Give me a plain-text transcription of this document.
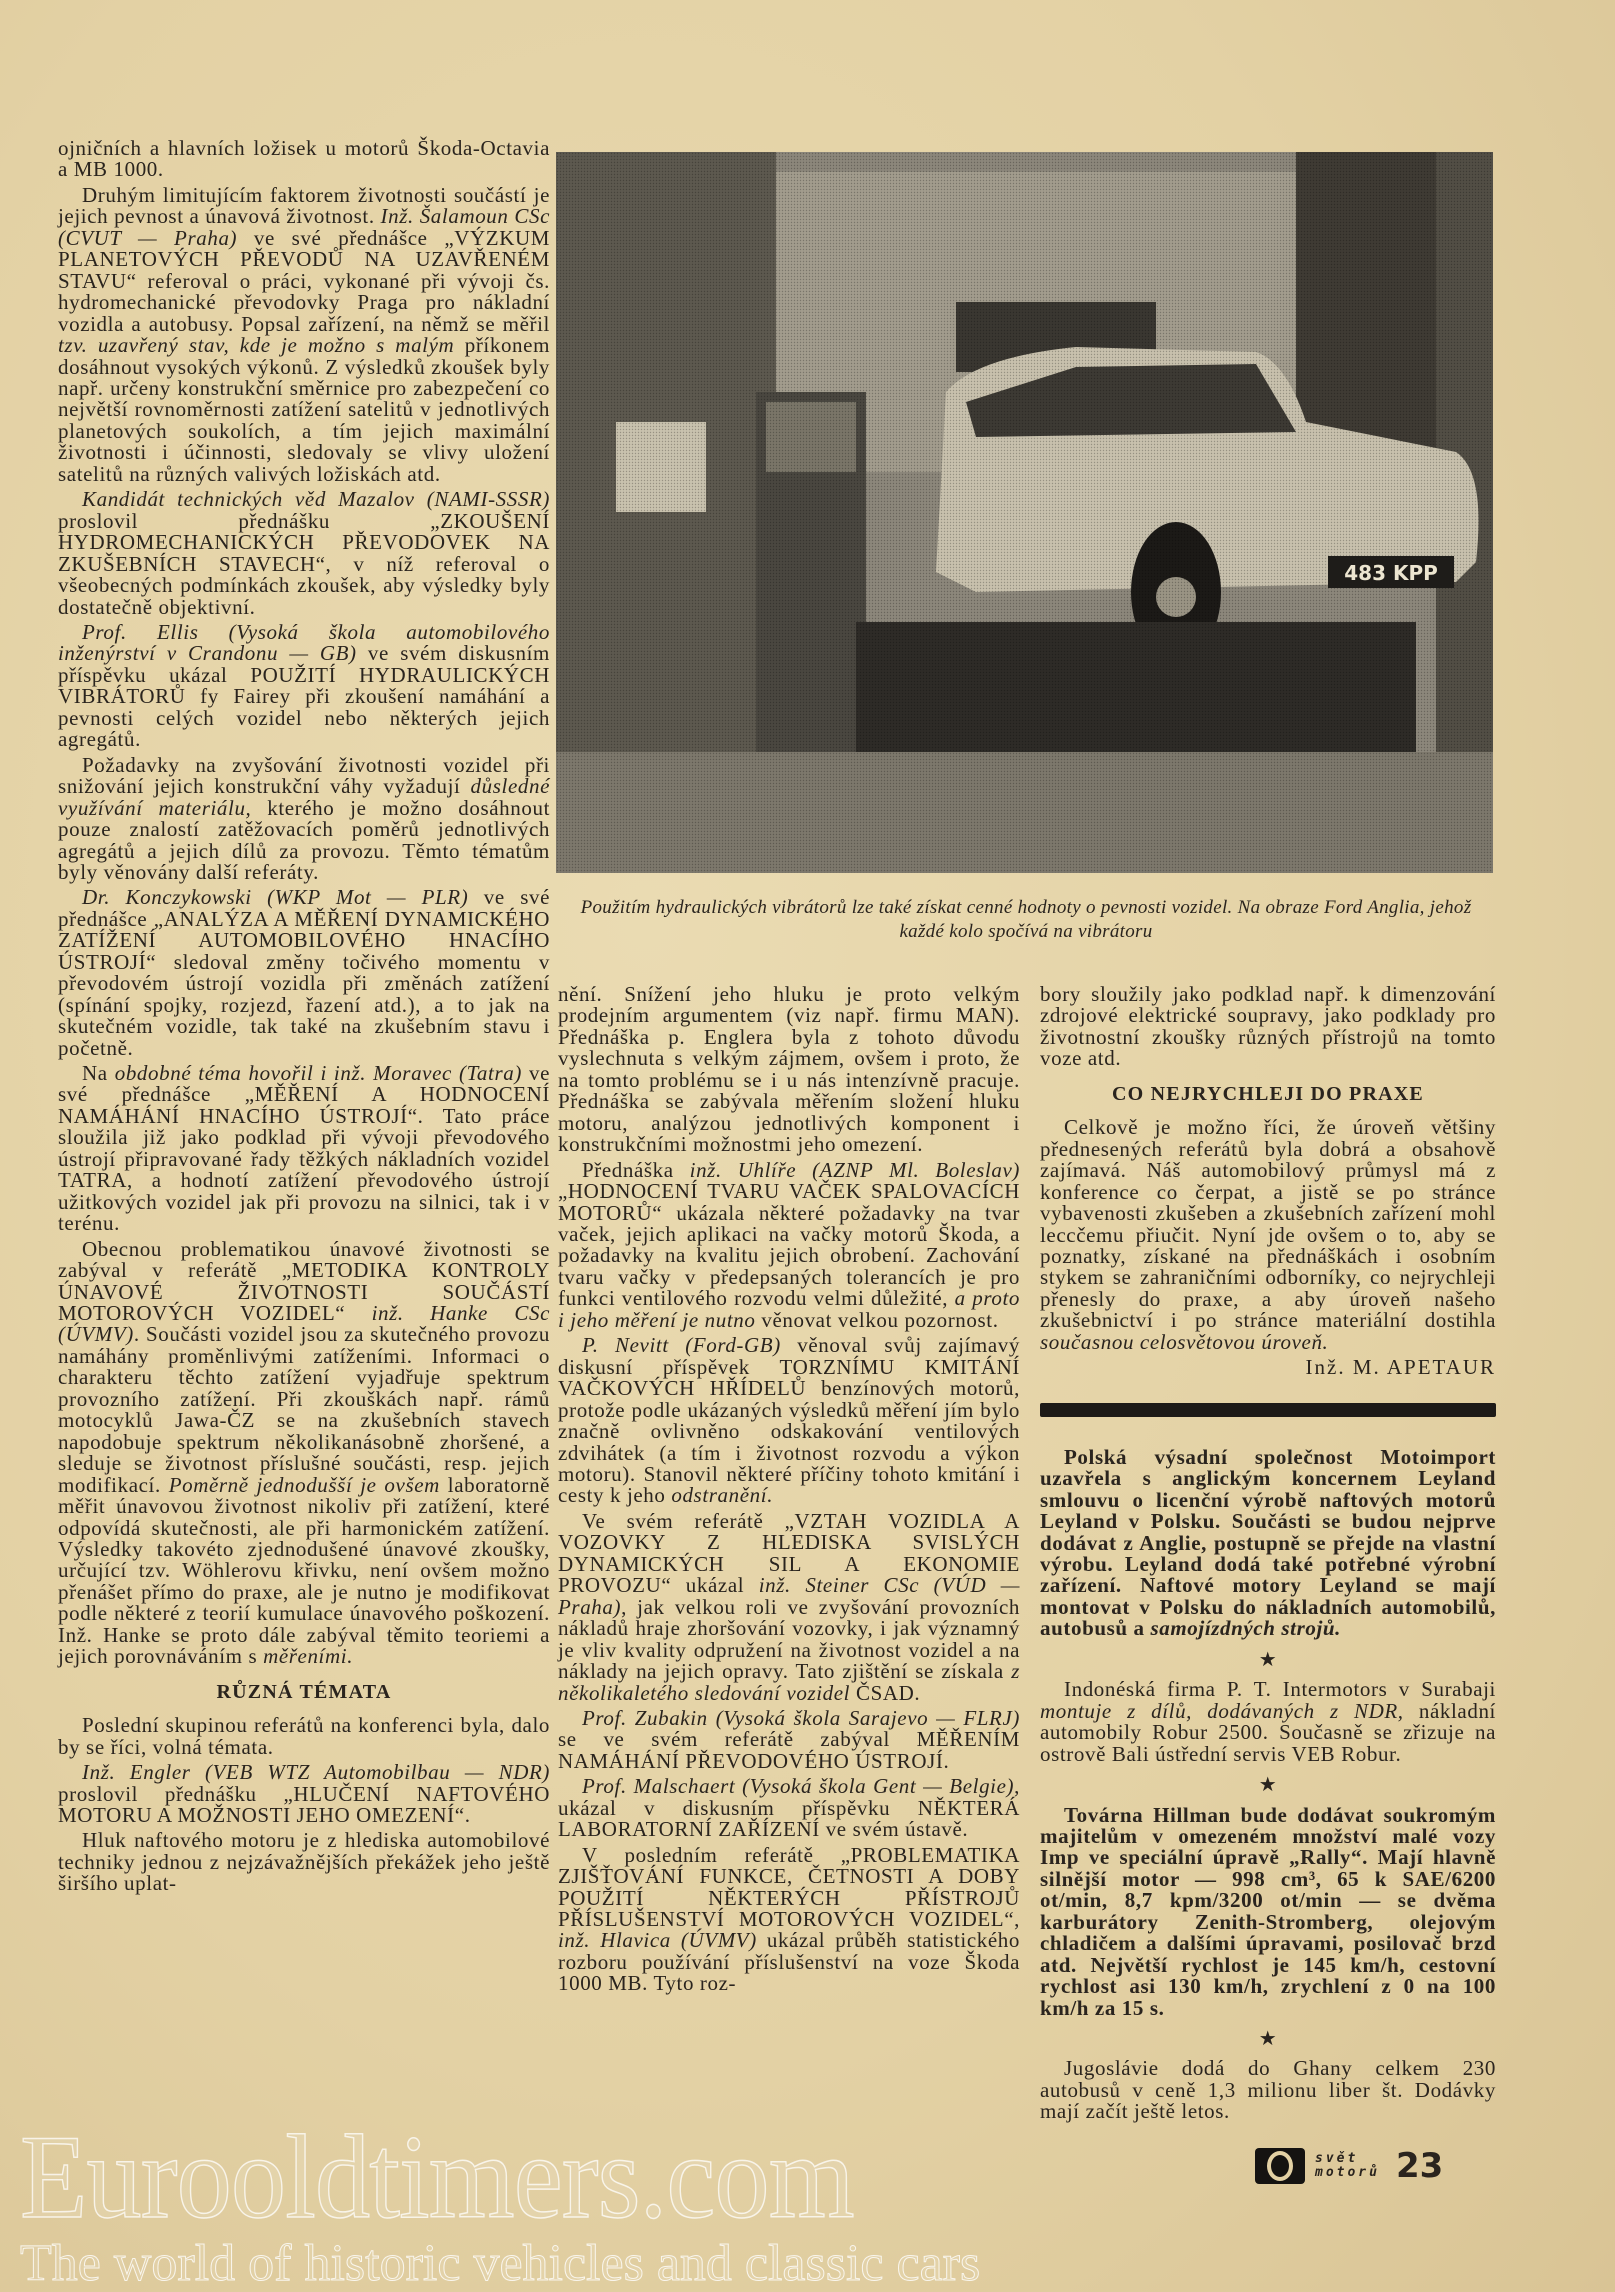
483 KPP
Použitím hydraulických vibrátorů lze také získat cenné hodnoty o pevnosti vozidel. Na obraze Ford Anglia, jehož každé kolo spočívá na vibrátoru

ojničních a hlavních ložisek u motorů Škoda-Octavia a MB 1000.

Druhým limitujícím faktorem životnosti součástí je jejich pevnost a únavová životnost. Inž. Šalamoun CSc (CVUT — Praha) ve své přednášce „VÝZKUM PLANETOVÝCH PŘEVODŮ NA UZAVŘENÉM STAVU“ referoval o práci, vykonané při vývoji čs. hydromechanické převodovky Praga pro nákladní vozidla a autobusy. Popsal zařízení, na němž se měřil tzv. uzavřený stav, kde je možno s malým příkonem dosáhnout vysokých výkonů. Z výsledků zkoušek byly např. určeny konstrukční směrnice pro zabezpečení co největší rovnoměrnosti zatížení satelitů v jednotlivých planetových soukolích, a tím jejich maximální životnosti i účinnosti, sledovaly se vlivy uložení satelitů na různých valivých ložiskách atd.

Kandidát technických věd Mazalov (NAMI-SSSR) proslovil přednášku „ZKOUŠENÍ HYDROMECHANICKÝCH PŘEVODOVEK NA ZKUŠEBNÍCH STAVECH“, v níž referoval o všeobecných podmínkách zkoušek, aby výsledky byly dostatečně objektivní.

Prof. Ellis (Vysoká škola automobilového inženýrství v Crandonu — GB) ve svém diskusním příspěvku ukázal POUŽITÍ HYDRAULICKÝCH VIBRÁTORŮ fy Fairey při zkoušení namáhání a pevnosti celých vozidel nebo některých jejich agregátů.

Požadavky na zvyšování životnosti vozidel při snižování jejich konstrukční váhy vyžadují důsledné využívání materiálu, kterého je možno dosáhnout pouze znalostí zatěžovacích poměrů jednotlivých agregátů a jejich dílů za provozu. Těmto tématům byly věnovány další referáty.

Dr. Konczykowski (WKP Mot — PLR) ve své přednášce „ANALÝZA A MĚŘENÍ DYNAMICKÉHO ZATÍŽENÍ AUTOMOBILOVÉHO HNACÍHO ÚSTROJÍ“ sledoval změny točivého momentu v převodovém ústrojí vozidla při změnách zatížení (spínání spojky, rozjezd, řazení atd.), a to jak na skutečném vozidle, tak také na zkušebním stavu i početně.

Na obdobné téma hovořil i inž. Moravec (Tatra) ve své přednášce „MĚŘENÍ A HODNOCENÍ NAMÁHÁNÍ HNACÍHO ÚSTROJÍ“. Tato práce sloužila již jako podklad při vývoji převodového ústrojí připravované řady těžkých nákladních vozidel TATRA, a hodnotí zatížení převodového ústrojí užitkových vozidel jak při provozu na silnici, tak i v terénu.

Obecnou problematikou únavové životnosti se zabýval v referátě „METODIKA KONTROLY ÚNAVOVÉ ŽIVOTNOSTI SOUČÁSTÍ MOTOROVÝCH VOZIDEL“ inž. Hanke CSc (ÚVMV). Součásti vozidel jsou za skutečného provozu namáhány proměnlivými zatíženími. Informaci o charakteru těchto zatížení vyjadřuje spektrum provozního zatížení. Při zkouškách např. rámů motocyklů Jawa-ČZ se na zkušebních stavech napodobuje spektrum několikanásobně zhoršené, a sleduje se životnost příslušné součásti, resp. jejich modifikací. Poměrně jednodušší je ovšem laboratorně měřit únavovou životnost nikoliv při zatížení, které odpovídá skutečnosti, ale při harmonickém zatížení. Výsledky takovéto zjednodušené únavové zkoušky, určující tzv. Wöhlerovu křivku, není ovšem možno přenášet přímo do praxe, ale je nutno je modifikovat podle některé z teorií kumulace únavového poškození. Inž. Hanke se proto dále zabýval těmito teoriemi a jejich porovnáváním s měřeními.

RŮZNÁ TÉMATA

Poslední skupinou referátů na konferenci byla, dalo by se říci, volná témata.

Inž. Engler (VEB WTZ Automobilbau — NDR) proslovil přednášku „HLUČENÍ NAFTOVÉHO MOTORU A MOŽNOSTI JEHO OMEZENÍ“.

Hluk naftového motoru je z hlediska automobilové techniky jednou z nejzávažnějších překážek jeho ještě širšího uplat-

nění. Snížení jeho hluku je proto velkým prodejním argumentem (viz např. firmu MAN). Přednáška p. Englera byla z tohoto důvodu vyslechnuta s velkým zájmem, ovšem i proto, že na tomto problému se i u nás intenzívně pracuje. Přednáška se zabývala měřením složení hluku motoru, analýzou jednotlivých komponent i konstrukčními možnostmi jeho omezení.

Přednáška inž. Uhlíře (AZNP Ml. Boleslav) „HODNOCENÍ TVARU VAČEK SPALOVACÍCH MOTORŮ“ ukázala některé požadavky na tvar vaček, jejich aplikaci na vačky motorů Škoda, a požadavky na kvalitu jejich obrobení. Zachování tvaru vačky v předepsaných tolerancích je pro funkci ventilového rozvodu velmi důležité, a proto i jeho měření je nutno věnovat velkou pozornost.

P. Nevitt (Ford-GB) věnoval svůj zajímavý diskusní příspěvek TORZNÍMU KMITÁNÍ VAČKOVÝCH HŘÍDELŮ benzínových motorů, protože podle ukázaných výsledků měření jím bylo značně ovlivněno odskakování ventilových zdvihátek (a tím i životnost rozvodu a výkon motoru). Stanovil některé příčiny tohoto kmitání i cesty k jeho odstranění.

Ve svém referátě „VZTAH VOZIDLA A VOZOVKY Z HLEDISKA SVISLÝCH DYNAMICKÝCH SIL A EKONOMIE PROVOZU“ ukázal inž. Steiner CSc (VÚD — Praha), jak velkou roli ve zvyšování provozních nákladů hraje zhoršování vozovky, i jak významný je vliv kvality odpružení na životnost vozidel a na náklady na jejich opravy. Tato zjištění se získala z několikaletého sledování vozidel ČSAD.

Prof. Zubakin (Vysoká škola Sarajevo — FLRJ) se ve svém referátě zabýval MĚŘENÍM NAMÁHÁNÍ PŘEVODOVÉHO ÚSTROJÍ.

Prof. Malschaert (Vysoká škola Gent — Belgie), ukázal v diskusním příspěvku NĚKTERÁ LABORATORNÍ ZAŘÍZENÍ ve svém ústavě.

V posledním referátě „PROBLEMATIKA ZJIŠŤOVÁNÍ FUNKCE, ČETNOSTI A DOBY POUŽITÍ NĚKTERÝCH PŘÍSTROJŮ PŘÍSLUŠENSTVÍ MOTOROVÝCH VOZIDEL“, inž. Hlavica (ÚVMV) ukázal průběh statistického rozboru používání příslušenství na voze Škoda 1000 MB. Tyto roz-

bory sloužily jako podklad např. k dimenzování zdrojové elektrické soupravy, jako podklady pro životnostní zkoušky různých přístrojů na tomto voze atd.

CO NEJRYCHLEJI DO PRAXE

Celkově je možno říci, že úroveň většiny přednesených referátů byla dobrá a obsahově zajímavá. Náš automobilový průmysl má z konference co čerpat, a jistě se po stránce vybavenosti zkušeben a zkušebních zařízení mohl leccčemu přiučit. Nyní jde ovšem o to, aby se poznatky, získané na přednáškách i osobním stykem se zahraničními odborníky, co nejrychleji přenesly do praxe, a aby úroveň našeho zkušebnictví i po stránce materiální dostihla současnou celosvětovou úroveň.

Inž. M. APETAUR

Polská výsadní společnost Motoimport uzavřela s anglickým koncernem Leyland smlouvu o licenční výrobě naftových motorů Leyland v Polsku. Součásti se budou nejprve dodávat z Anglie, postupně se přejde na vlastní výrobu. Leyland dodá také potřebné výrobní zařízení. Naftové motory Leyland se mají montovat v Polsku do nákladních automobilů, autobusů a samojízdných strojů.

★

Indonéská firma P. T. Intermotors v Surabaji montuje z dílů, dodávaných z NDR, nákladní automobily Robur 2500. Současně se zřizuje na ostrově Bali ústřední servis VEB Robur.

★

Továrna Hillman bude dodávat soukromým majitelům v omezeném množství malé vozy Imp ve speciální úpravě „Rally“. Mají hlavně silnější motor — 998 cm³, 65 k SAE/6200 ot/min, 8,7 kpm/3200 ot/min — se dvěma karburátory Zenith-Stromberg, olejovým chladičem a dalšími úpravami, posilovač brzd atd. Největší rychlost je 145 km/h, cestovní rychlost asi 130 km/h, zrychlení z 0 na 100 km/h za 15 s.

★

Jugoslávie dodá do Ghany celkem 230 autobusů v ceně 1,3 milionu liber št. Dodávky mají začít ještě letos.

svět
motorů 23
Eurooldtimers.com
The world of historic vehicles and classic cars
